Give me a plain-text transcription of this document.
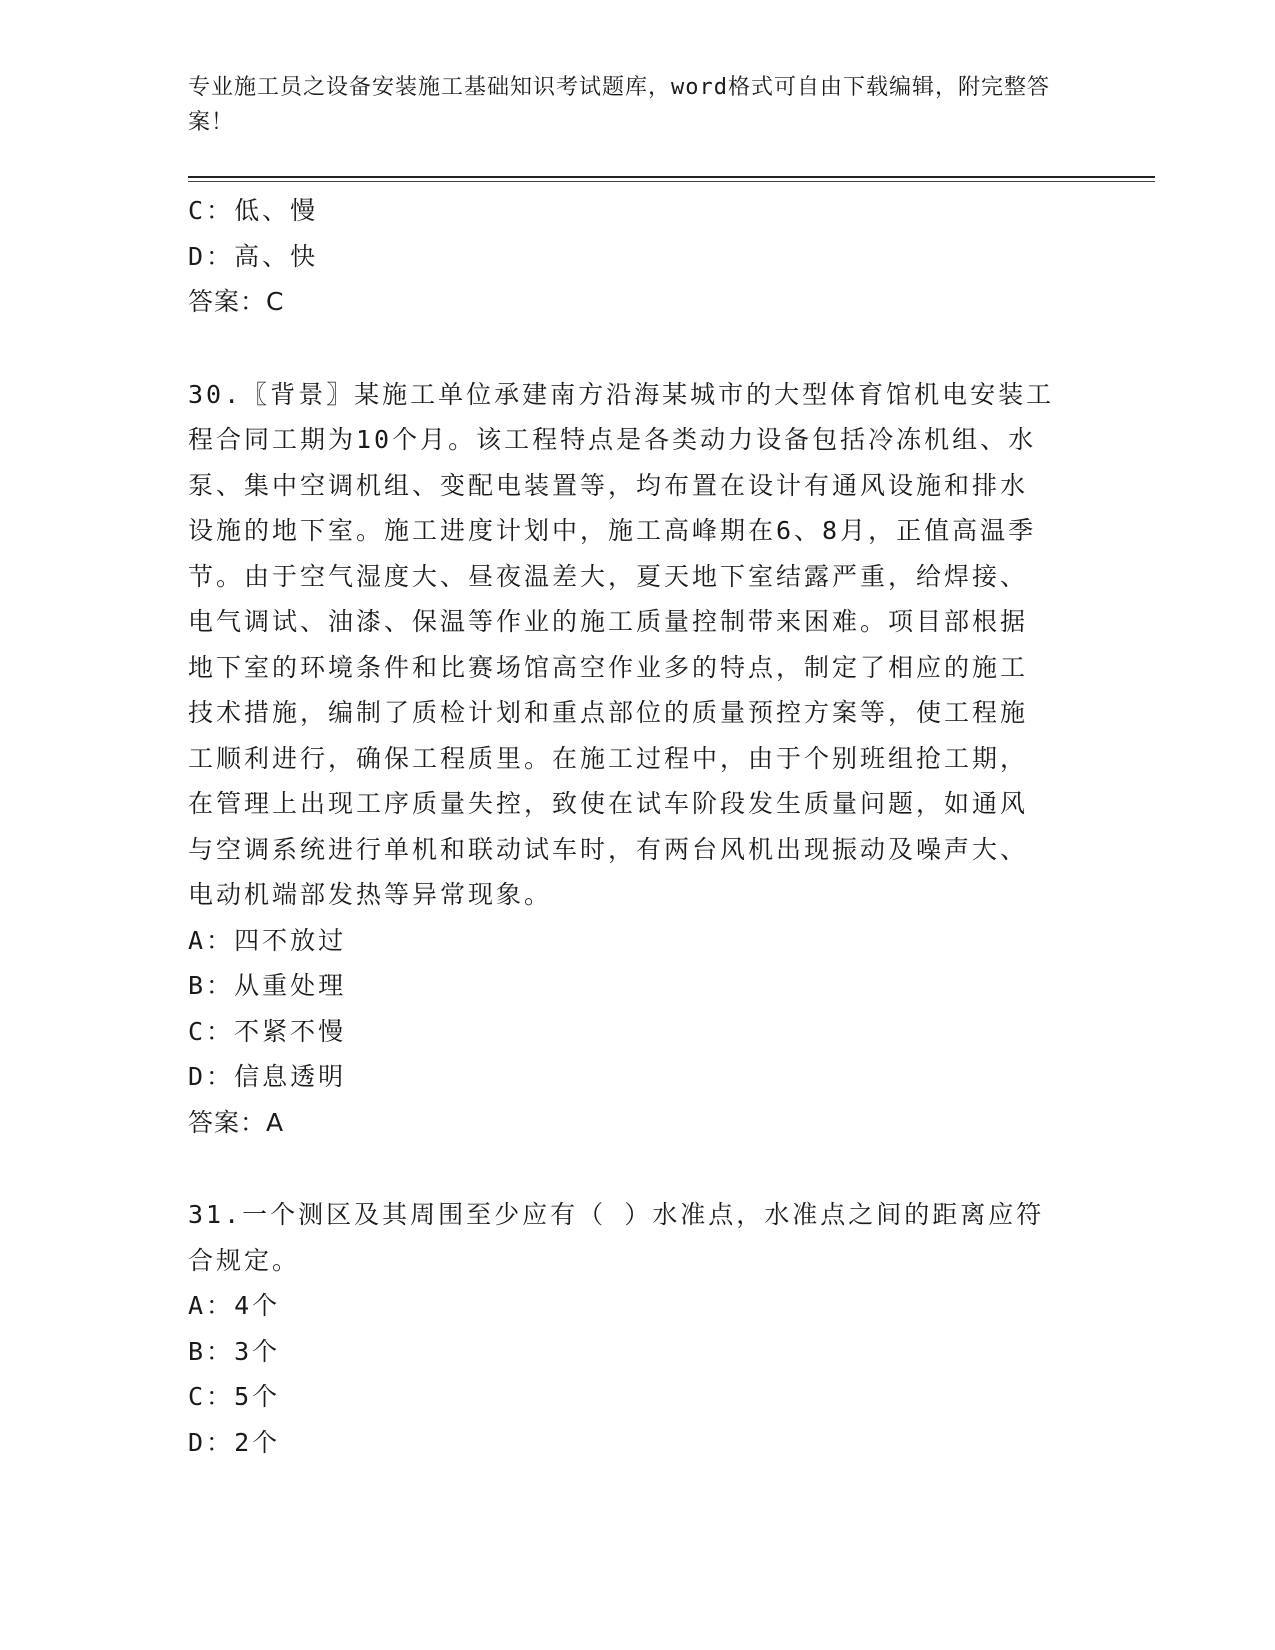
专业施工员之设备安装施工基础知识考试题库，word格式可自由下载编辑，附完整答案！
C：低、慢
D：高、快
答案：C
30.〖背景〗某施工单位承建南方沿海某城市的大型体育馆机电安装工
程合同工期为10个月。该工程特点是各类动力设备包括冷冻机组、水
泵、集中空调机组、变配电装置等，均布置在设计有通风设施和排水
设施的地下室。施工进度计划中，施工高峰期在6、8月，正值高温季
节。由于空气湿度大、昼夜温差大，夏天地下室结露严重，给焊接、
电气调试、油漆、保温等作业的施工质量控制带来困难。项目部根据
地下室的环境条件和比赛场馆高空作业多的特点，制定了相应的施工
技术措施，编制了质检计划和重点部位的质量预控方案等，使工程施
工顺利进行，确保工程质里。在施工过程中，由于个别班组抢工期，
在管理上出现工序质量失控，致使在试车阶段发生质量问题，如通风
与空调系统进行单机和联动试车时，有两台风机出现振动及噪声大、
电动机端部发热等异常现象。
A：四不放过
B：从重处理
C：不紧不慢
D：信息透明
答案：A
31.一个测区及其周围至少应有（ ）水准点，水准点之间的距离应符
合规定。
A：4个
B：3个
C：5个
D：2个
